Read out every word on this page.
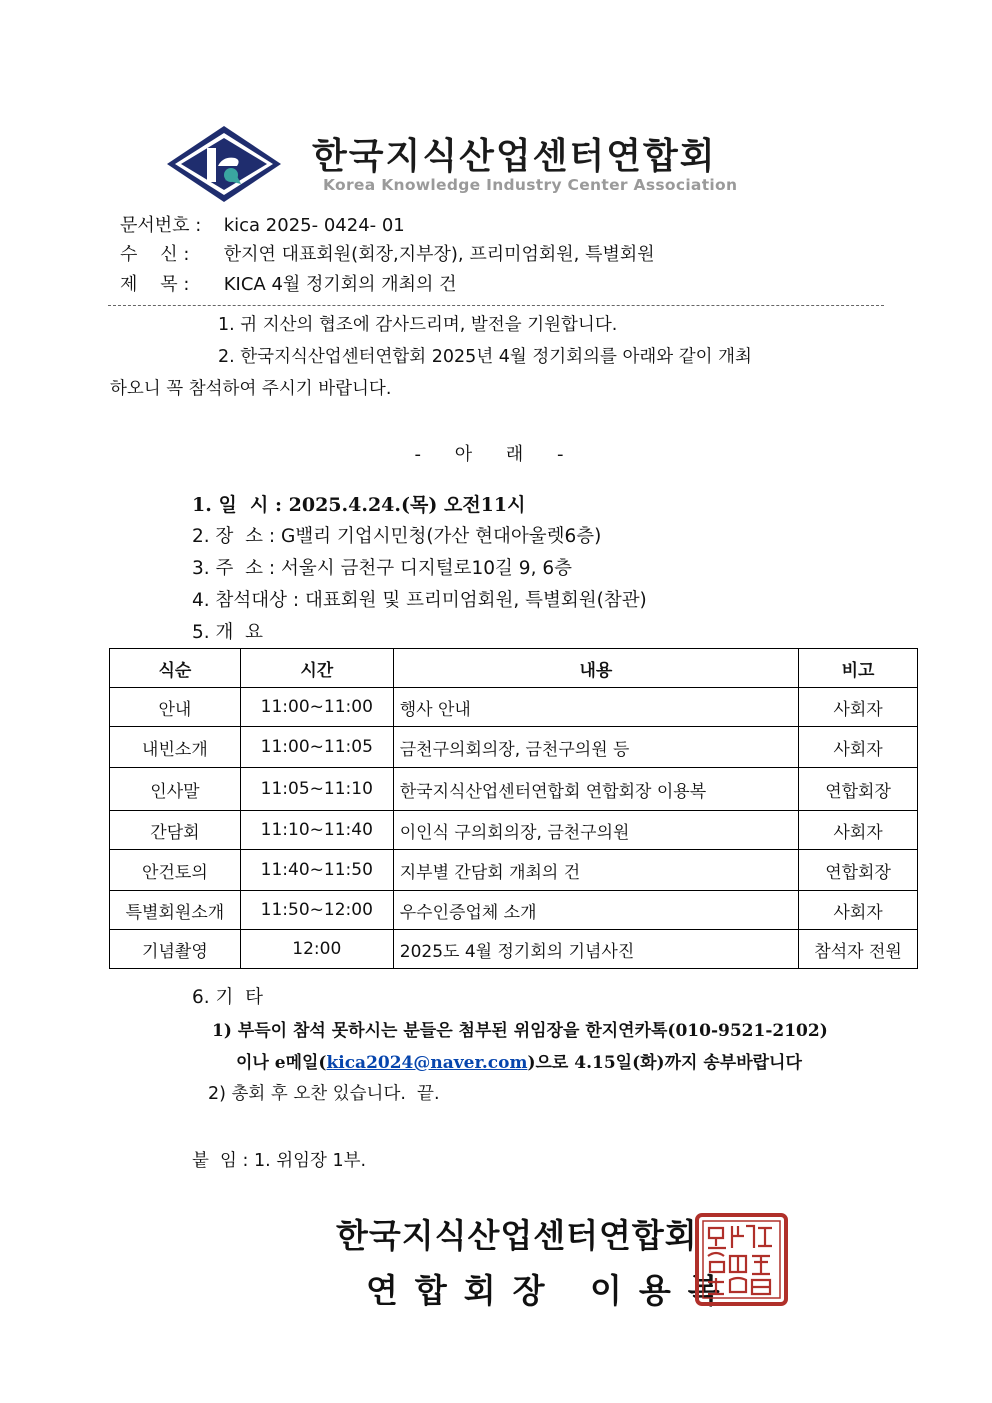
한국지식산업센터연합회
Korea Knowledge Industry Center Association
문서번호 : kica 2025- 0424- 01
수    신 : 한지연 대표회원(회장,지부장), 프리미엄회원, 특별회원
제    목 : KICA 4월 정기회의 개최의 건
1. 귀 지산의 협조에 감사드리며, 발전을 기원합니다.
2. 한국지식산업센터연합회 2025년 4월 정기회의를 아래와 같이 개최
하오니 꼭 참석하여 주시기 바랍니다.
- 아 래 -
1. 일  시 : 2025.4.24.(목) 오전11시
2. 장  소 : G밸리 기업시민청(가산 현대아울렛6층)
3. 주  소 : 서울시 금천구 디지털로10길 9, 6층
4. 참석대상 : 대표회원 및 프리미엄회원, 특별회원(참관)
5. 개  요
식순	시간	내용	비고
안내	11:00~11:00	행사 안내	사회자
내빈소개	11:00~11:05	금천구의회의장, 금천구의원 등	사회자
인사말	11:05~11:10	한국지식산업센터연합회 연합회장 이용복	연합회장
간담회	11:10~11:40	이인식 구의회의장, 금천구의원	사회자
안건토의	11:40~11:50	지부별 간담회 개최의 건	연합회장
특별회원소개	11:50~12:00	우수인증업체 소개	사회자
기념촬영	12:00	2025도 4월 정기회의 기념사진	참석자 전원
6. 기  타
1) 부득이 참석 못하시는 분들은 첨부된 위임장을 한지연카톡(010-9521-2102)
이나 e메일(kica2024@naver.com)으로 4.15일(화)까지 송부바랍니다
2) 총회 후 오찬 있습니다.  끝.
붙  임 : 1. 위임장 1부.
한국지식산업센터연합회
연합회장 이용복
